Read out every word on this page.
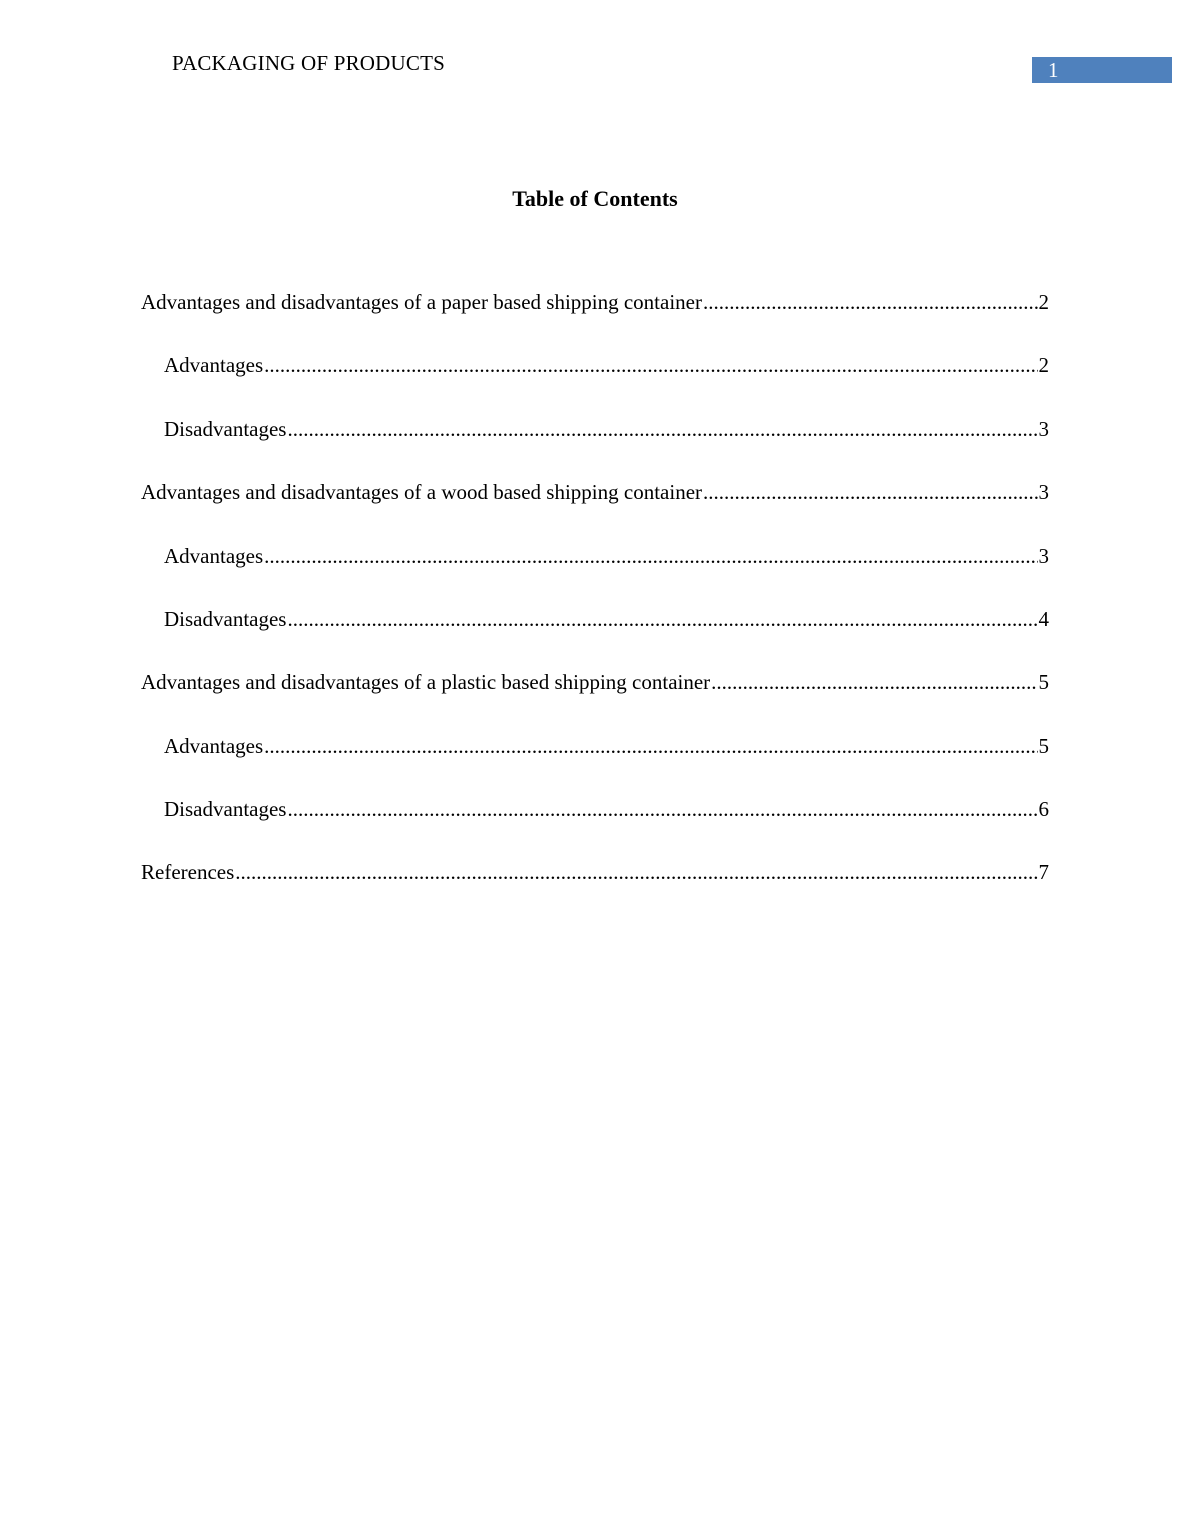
PACKAGING OF PRODUCTS	1
Table of Contents
Advantages and disadvantages of a paper based shipping container .....	2
Advantages .....	2
Disadvantages .....	3
Advantages and disadvantages of a wood based shipping container .....	3
Advantages .....	3
Disadvantages .....	4
Advantages and disadvantages of a plastic based shipping container .....	5
Advantages .....	5
Disadvantages .....	6
References .....	7
